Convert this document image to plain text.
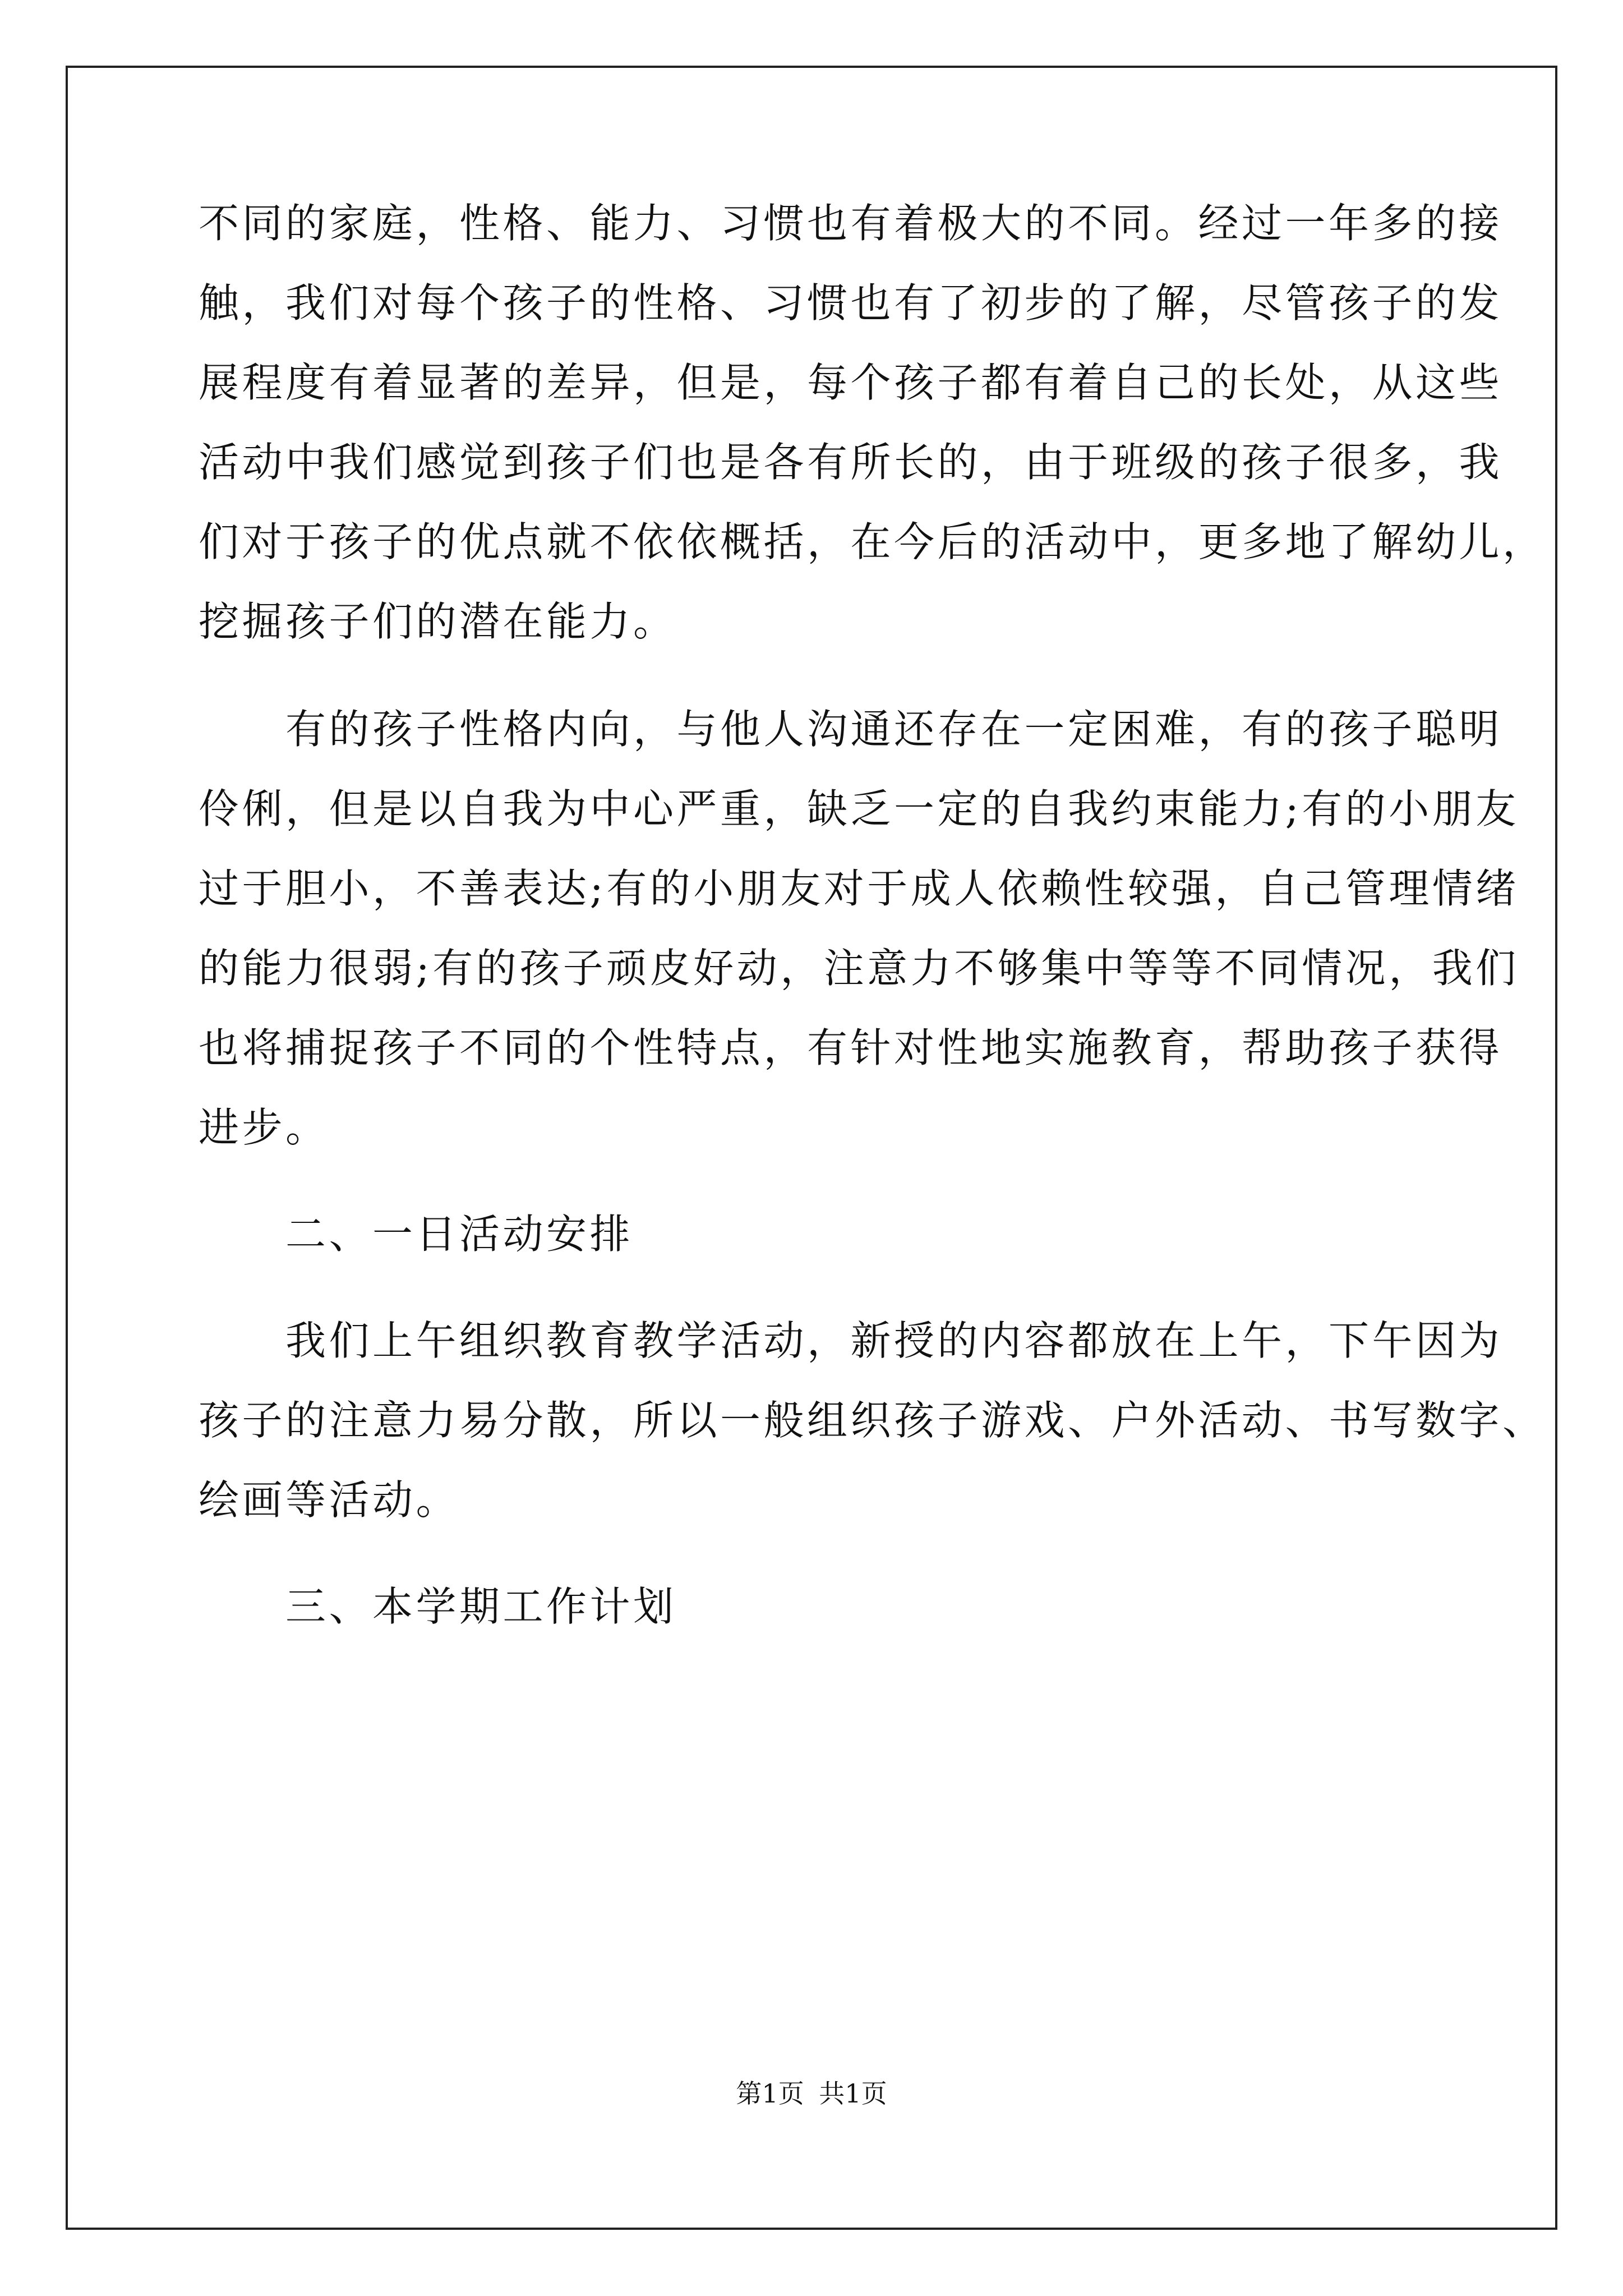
不同的家庭，性格、能力、习惯也有着极大的不同。经过一年多的接
触，我们对每个孩子的性格、习惯也有了初步的了解，尽管孩子的发
展程度有着显著的差异，但是，每个孩子都有着自己的长处，从这些
活动中我们感觉到孩子们也是各有所长的，由于班级的孩子很多，我
们对于孩子的优点就不依依概括，在今后的活动中，更多地了解幼儿，
挖掘孩子们的潜在能力。
　　有的孩子性格内向，与他人沟通还存在一定困难，有的孩子聪明
伶俐，但是以自我为中心严重，缺乏一定的自我约束能力;有的小朋友
过于胆小，不善表达;有的小朋友对于成人依赖性较强，自己管理情绪
的能力很弱;有的孩子顽皮好动，注意力不够集中等等不同情况，我们
也将捕捉孩子不同的个性特点，有针对性地实施教育，帮助孩子获得
进步。
　　二、一日活动安排
　　我们上午组织教育教学活动，新授的内容都放在上午，下午因为
孩子的注意力易分散，所以一般组织孩子游戏、户外活动、书写数字、
绘画等活动。
　　三、本学期工作计划
第1页 共1页
